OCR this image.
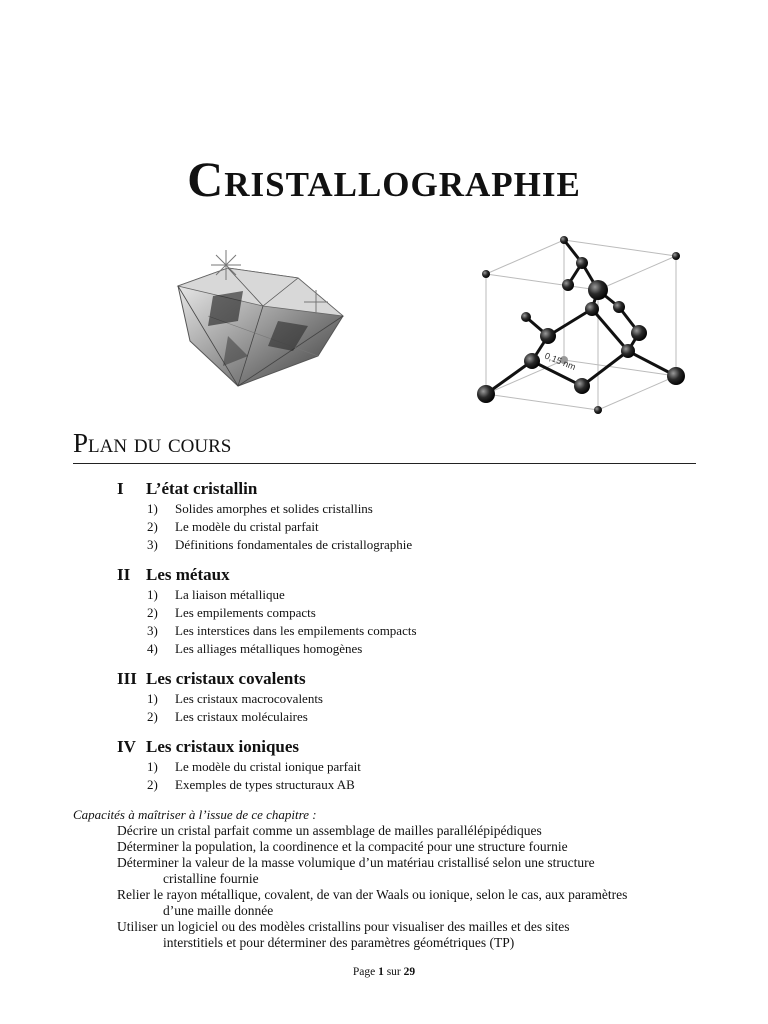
Cristallographie
0,15 nm
Plan du cours
I L’état cristallin
1) Solides amorphes et solides cristallins
2) Le modèle du cristal parfait
3) Définitions fondamentales de cristallographie
II Les métaux
1) La liaison métallique
2) Les empilements compacts
3) Les interstices dans les empilements compacts
4) Les alliages métalliques homogènes
III Les cristaux covalents
1) Les cristaux macrocovalents
2) Les cristaux moléculaires
IV Les cristaux ioniques
1) Le modèle du cristal ionique parfait
2) Exemples de types structuraux AB
Capacités à maîtriser à l’issue de ce chapitre :
Décrire un cristal parfait comme un assemblage de mailles parallélépipédiques
Déterminer la population, la coordinence et la compacité pour une structure fournie
Déterminer la valeur de la masse volumique d’un matériau cristallisé selon une structure
cristalline fournie
Relier le rayon métallique, covalent, de van der Waals ou ionique, selon le cas, aux paramètres
d’une maille donnée
Utiliser un logiciel ou des modèles cristallins pour visualiser des mailles et des sites
interstitiels et pour déterminer des paramètres géométriques (TP)
Page 1 sur 29
